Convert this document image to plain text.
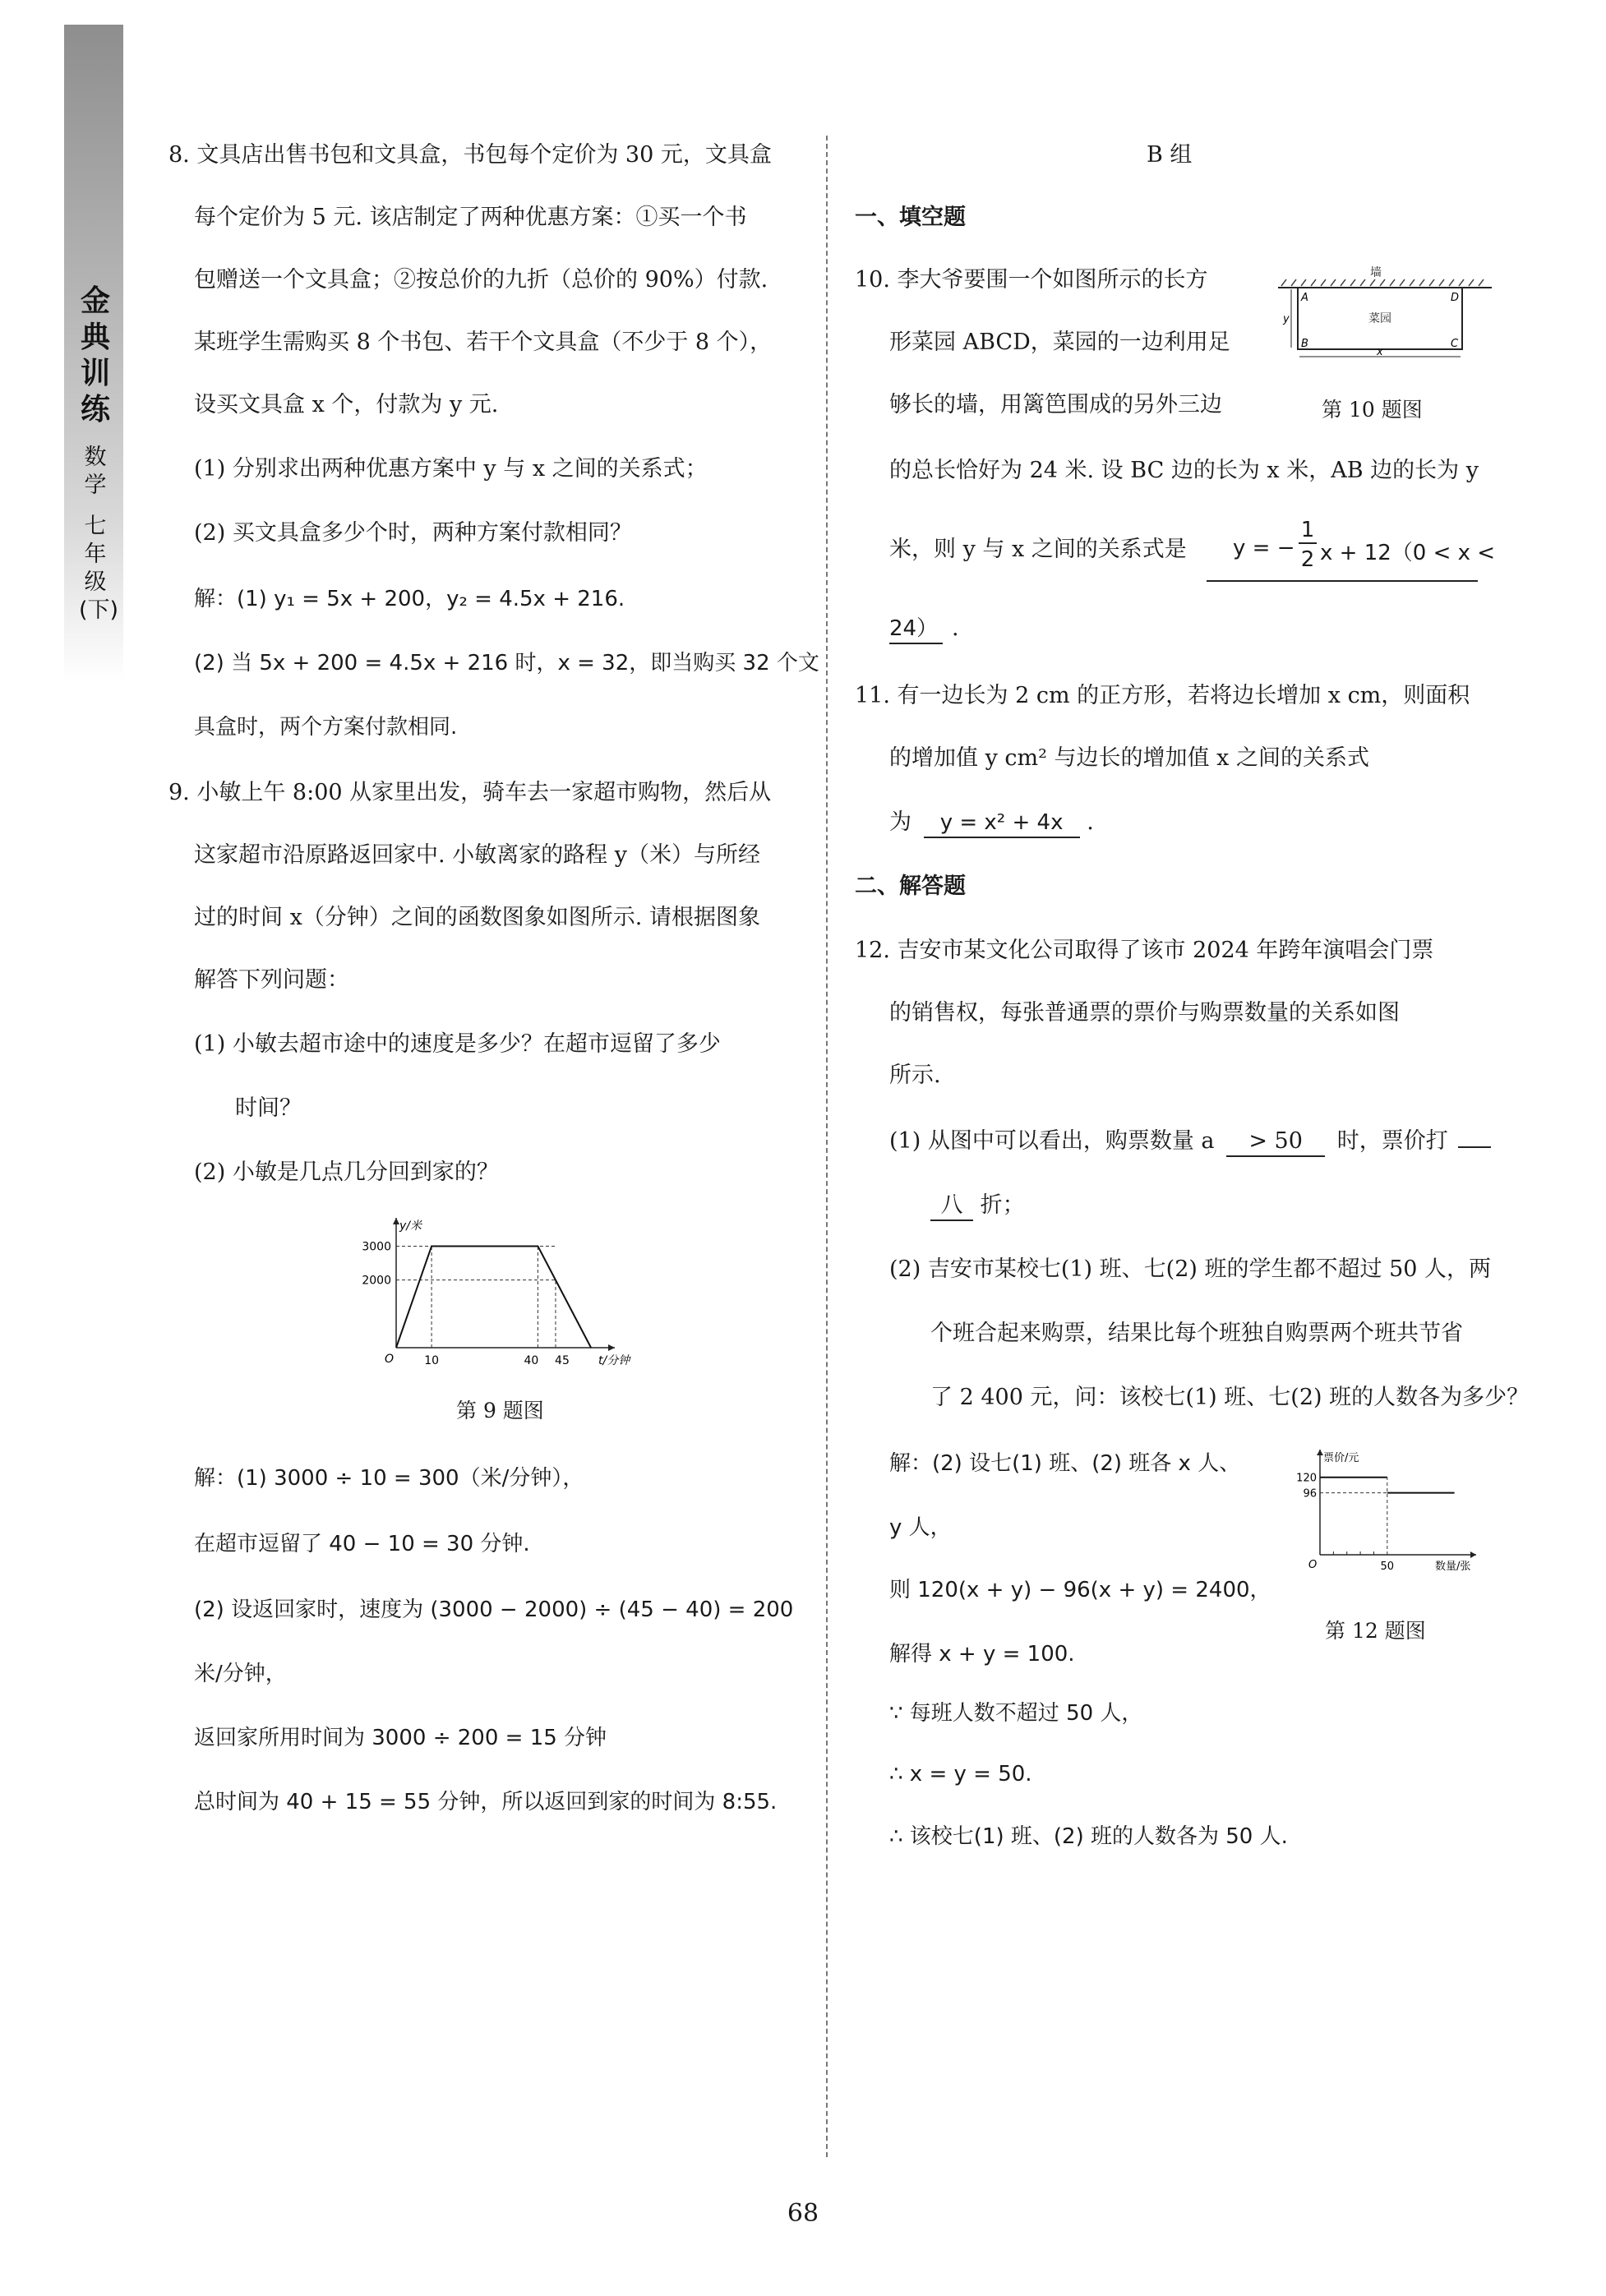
金典训练
数学
七年级(下)
8. 文具店出售书包和文具盒，书包每个定价为 30 元，文具盒
每个定价为 5 元. 该店制定了两种优惠方案：①买一个书
包赠送一个文具盒；②按总价的九折（总价的 90%）付款.
某班学生需购买 8 个书包、若干个文具盒（不少于 8 个），
设买文具盒 x 个，付款为 y 元.
(1) 分别求出两种优惠方案中 y 与 x 之间的关系式；
(2) 买文具盒多少个时，两种方案付款相同？
解：(1) y₁ = 5x + 200，y₂ = 4.5x + 216.
(2) 当 5x + 200 = 4.5x + 216 时，x = 32，即当购买 32 个文
具盒时，两个方案付款相同.
9. 小敏上午 8:00 从家里出发，骑车去一家超市购物，然后从
这家超市沿原路返回家中. 小敏离家的路程 y（米）与所经
过的时间 x（分钟）之间的函数图象如图所示. 请根据图象
解答下列问题：
(1) 小敏去超市途中的速度是多少？在超市逗留了多少
时间？
(2) 小敏是几点几分回到家的？
y/米
t/分钟
O
2000
3000
10	40 45
第 9 题图
解：(1) 3000 ÷ 10 = 300（米/分钟），
在超市逗留了 40 − 10 = 30 分钟.
(2) 设返回家时，速度为 (3000 − 2000) ÷ (45 − 40) = 200
米/分钟，
返回家所用时间为 3000 ÷ 200 = 15 分钟
总时间为 40 + 15 = 55 分钟，所以返回到家的时间为 8:55.
B 组
一、填空题
10. 李大爷要围一个如图所示的长方
形菜园 ABCD，菜园的一边利用足
够长的墙，用篱笆围成的另外三边
墙
菜园
A
B	C
D
y
x
第 10 题图
的总长恰好为 24 米. 设 BC 边的长为 x 米，AB 边的长为 y
米，则 y 与 x 之间的关系式是 y = −
1
2 x + 12（0 < x <
24） .
11. 有一边长为 2 cm 的正方形，若将边长增加 x cm，则面积
的增加值 y cm² 与边长的增加值 x 之间的关系式
为 y = x² + 4x .
二、解答题
12. 吉安市某文化公司取得了该市 2024 年跨年演唱会门票
的销售权，每张普通票的票价与购票数量的关系如图
所示.
(1) 从图中可以看出，购票数量 a > 50 时，票价打
八 折；
(2) 吉安市某校七(1) 班、七(2) 班的学生都不超过 50 人，两
个班合起来购票，结果比每个班独自购票两个班共节省
了 2 400 元，问：该校七(1) 班、七(2) 班的人数各为多少？
解：(2) 设七(1) 班、(2) 班各 x 人、
y 人，
则 120(x + y) − 96(x + y) = 2400，
解得 x + y = 100.
∵ 每班人数不超过 50 人，
∴ x = y = 50.
∴ 该校七(1) 班、(2) 班的人数各为 50 人.
票价/元
数量/张
O
96
120
50
第 12 题图
68
